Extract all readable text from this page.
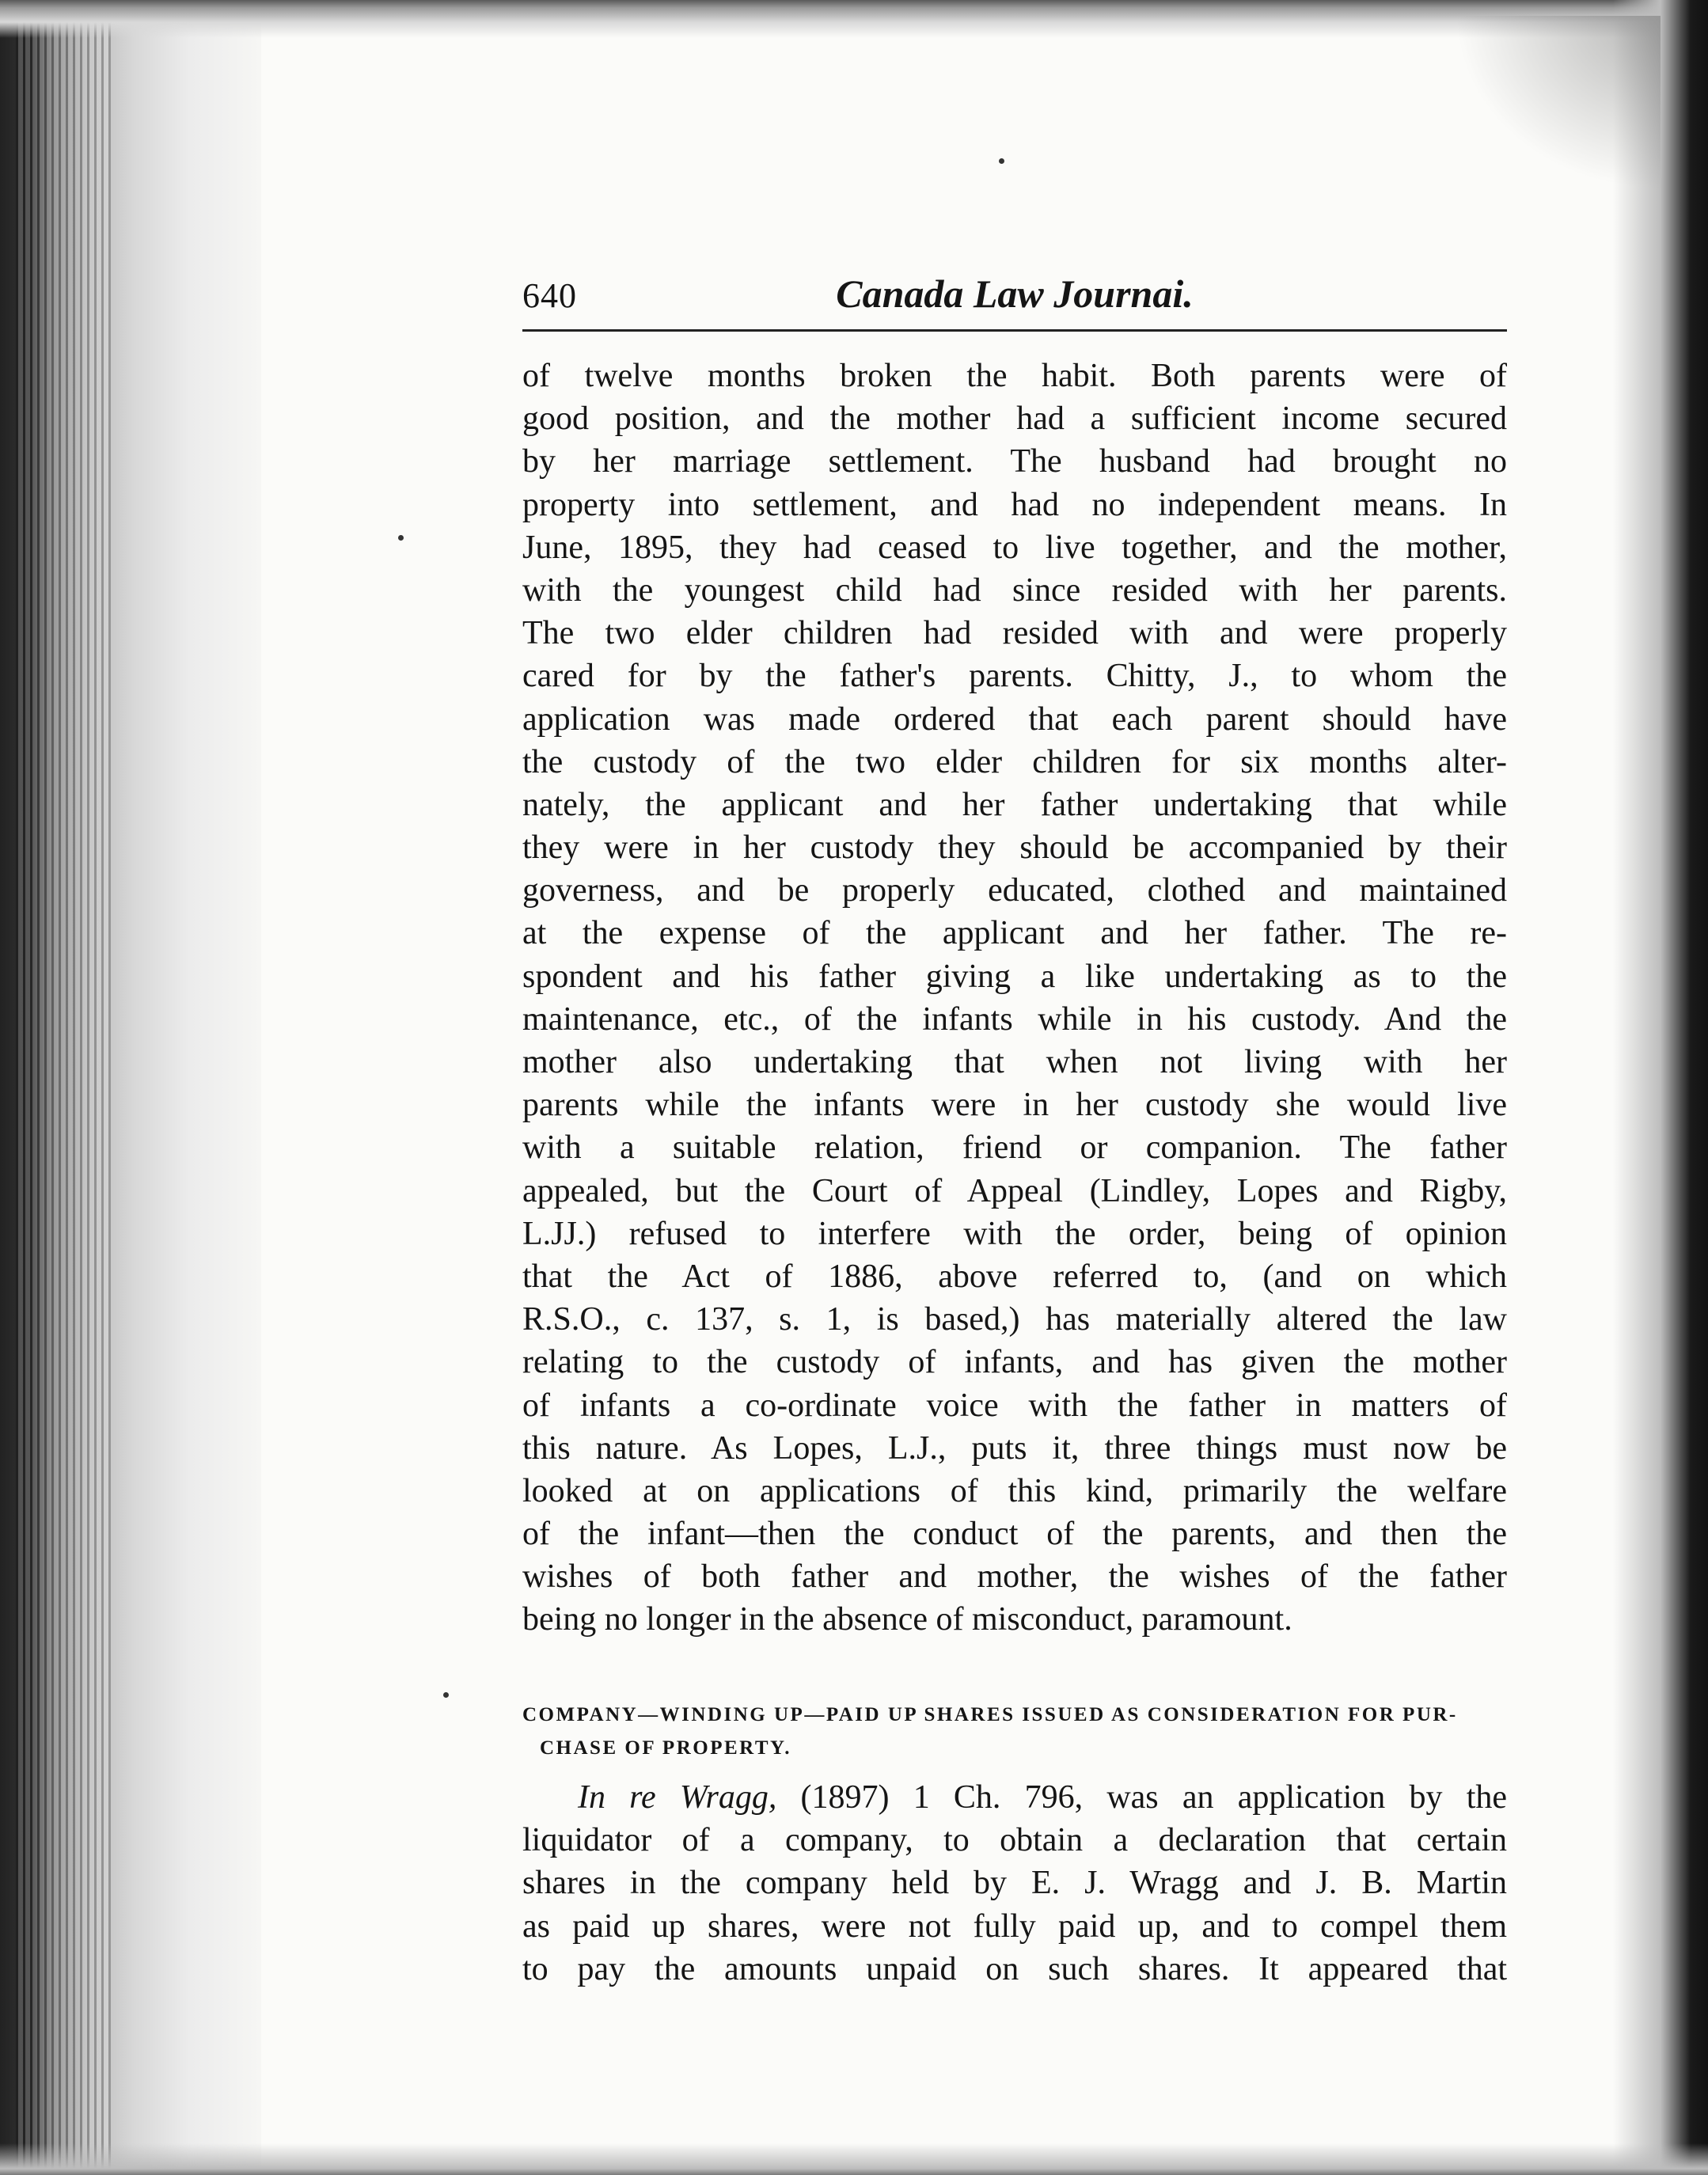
640	Canada Law Journai.
of twelve months broken the habit. Both parents were of
good position, and the mother had a sufficient income secured
by her marriage settlement. The husband had brought no
property into settlement, and had no independent means. In
June, 1895, they had ceased to live together, and the mother,
with the youngest child had since resided with her parents.
The two elder children had resided with and were properly
cared for by the father's parents. Chitty, J., to whom the
application was made ordered that each parent should have
the custody of the two elder children for six months alter-
nately, the applicant and her father undertaking that while
they were in her custody they should be accompanied by their
governess, and be properly educated, clothed and maintained
at the expense of the applicant and her father. The re-
spondent and his father giving a like undertaking as to the
maintenance, etc., of the infants while in his custody. And the
mother also undertaking that when not living with her
parents while the infants were in her custody she would live
with a suitable relation, friend or companion. The father
appealed, but the Court of Appeal (Lindley, Lopes and Rigby,
L.JJ.) refused to interfere with the order, being of opinion
that the Act of 1886, above referred to, (and on which
R.S.O., c. 137, s. 1, is based,) has materially altered the law
relating to the custody of infants, and has given the mother
of infants a co-ordinate voice with the father in matters of
this nature. As Lopes, L.J., puts it, three things must now be
looked at on applications of this kind, primarily the welfare
of the infant—then the conduct of the parents, and then the
wishes of both father and mother, the wishes of the father
being no longer in the absence of misconduct, paramount.
COMPANY—WINDING UP—PAID UP SHARES ISSUED AS CONSIDERATION FOR PUR-
CHASE OF PROPERTY.
In re Wragg, (1897) 1 Ch. 796, was an application by the
liquidator of a company, to obtain a declaration that certain
shares in the company held by E. J. Wragg and J. B. Martin
as paid up shares, were not fully paid up, and to compel them
to pay the amounts unpaid on such shares. It appeared that
